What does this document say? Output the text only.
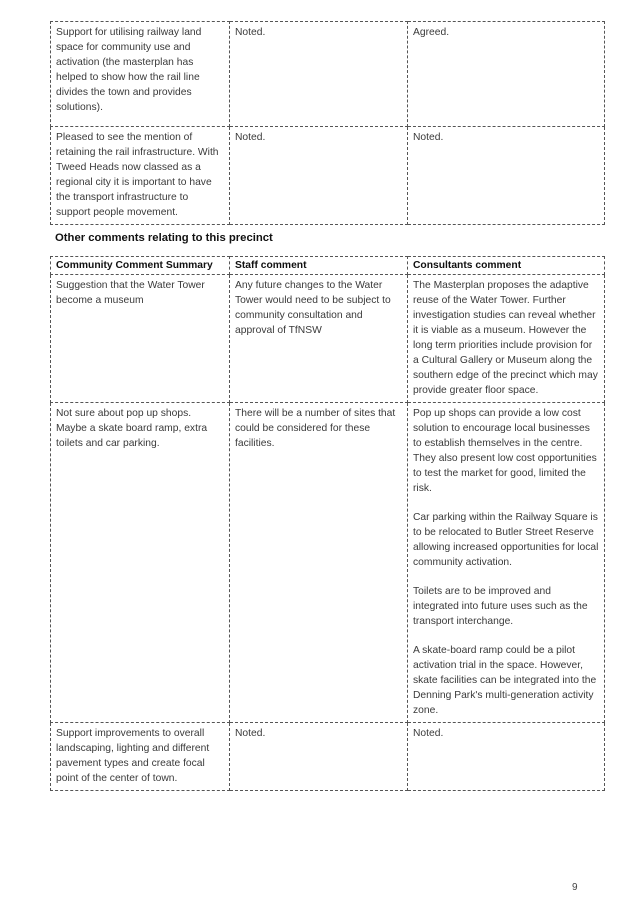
Support for utilising railway land space for community use and activation (the masterplan has helped to show how the rail line divides the town and provides solutions).	Noted.	Agreed.

Pleased to see the mention of retaining the rail infrastructure. With Tweed Heads now classed as a regional city it is important to have the transport infrastructure to support people movement.	Noted.	Noted.
Other comments relating to this precinct
Community Comment Summary	Staff comment	Consultants comment
Suggestion that the Water Tower become a museum	Any future changes to the Water Tower would need to be subject to community consultation and approval of TfNSW	The Masterplan proposes the adaptive reuse of the Water Tower. Further investigation studies can reveal whether it is viable as a museum. However the long term priorities include provision for a Cultural Gallery or Museum along the southern edge of the precinct which may provide greater floor space.

Not sure about pop up shops. Maybe a skate board ramp, extra toilets and car parking.	There will be a number of sites that could be considered for these facilities.	Pop up shops can provide a low cost solution to encourage local businesses to establish themselves in the centre. They also present low cost opportunities to test the market for good, limited the risk.
Car parking within the Railway Square is to be relocated to Butler Street Reserve allowing increased opportunities for local community activation.
Toilets are to be improved and integrated into future uses such as the transport interchange.
A skate-board ramp could be a pilot activation trial in the space. However, skate facilities can be integrated into the Denning Park's multi-generation activity zone.

Support improvements to overall landscaping, lighting and different pavement types and create focal point of the center of town.	Noted.	Noted.
9
